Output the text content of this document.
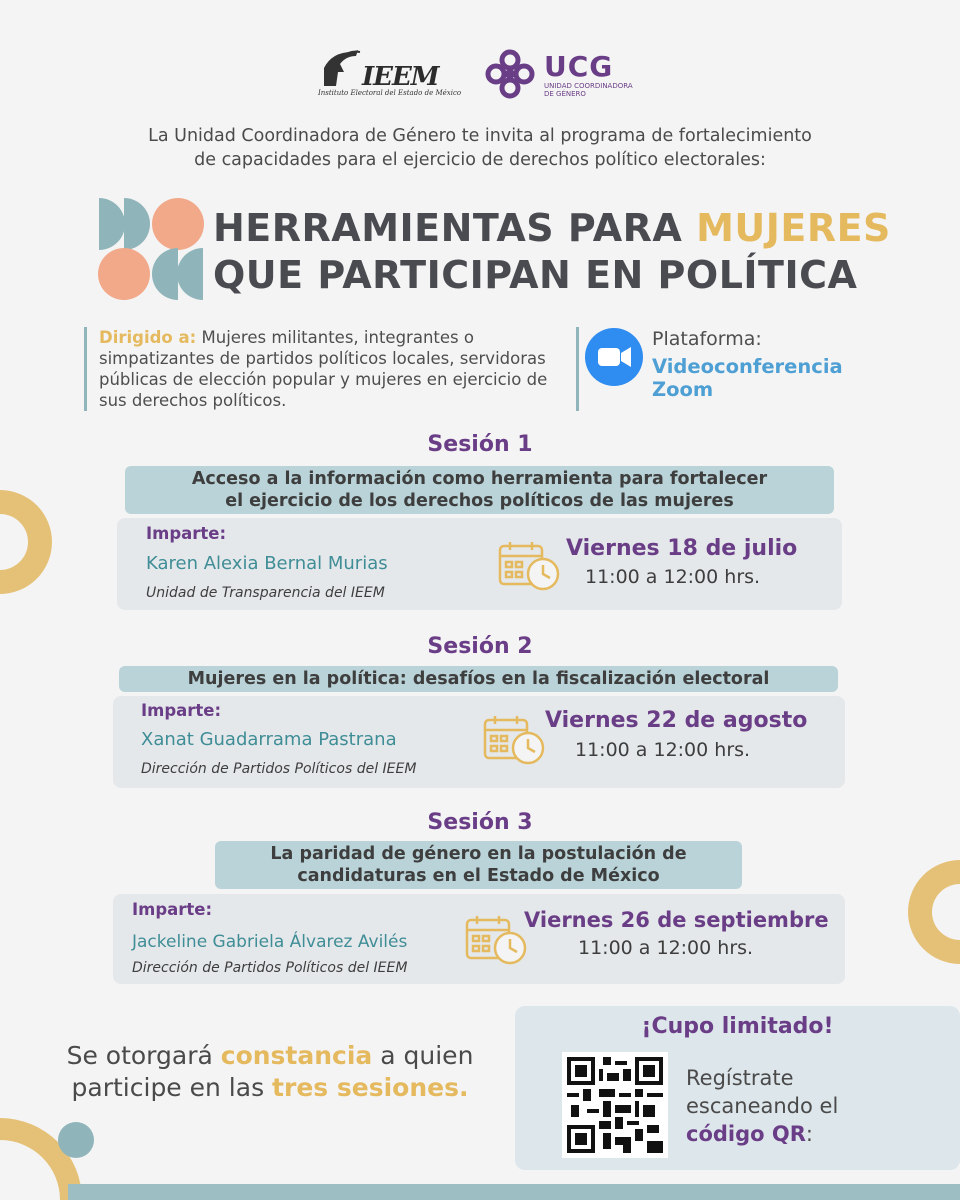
IEEM
Instituto Electoral del Estado de México
UCG
UNIDAD COORDINADORA DE GÉNERO
La Unidad Coordinadora de Género te invita al programa de fortalecimiento
de capacidades para el ejercicio de derechos político electorales:
HERRAMIENTAS PARA MUJERES
QUE PARTICIPAN EN POLÍTICA
Dirigido a: Mujeres militantes, integrantes o simpatizantes de partidos políticos locales, servidoras públicas de elección popular y mujeres en ejercicio de sus derechos políticos.
Plataforma:
Videoconferencia
Zoom
Sesión 1
Acceso a la información como herramienta para fortalecer
el ejercicio de los derechos políticos de las mujeres
Imparte:
Karen Alexia Bernal Murias
Unidad de Transparencia del IEEM
Viernes 18 de julio
11:00 a 12:00 hrs.
Sesión 2
Mujeres en la política: desafíos en la fiscalización electoral
Imparte:
Xanat Guadarrama Pastrana
Dirección de Partidos Políticos del IEEM
Viernes 22 de agosto
11:00 a 12:00 hrs.
Sesión 3
La paridad de género en la postulación de
candidaturas en el Estado de México
Imparte:
Jackeline Gabriela Álvarez Avilés
Dirección de Partidos Políticos del IEEM
Viernes 26 de septiembre
11:00 a 12:00 hrs.
Se otorgará constancia a quien participe en las tres sesiones.
¡Cupo limitado!
Regístrate escaneando el código QR:
